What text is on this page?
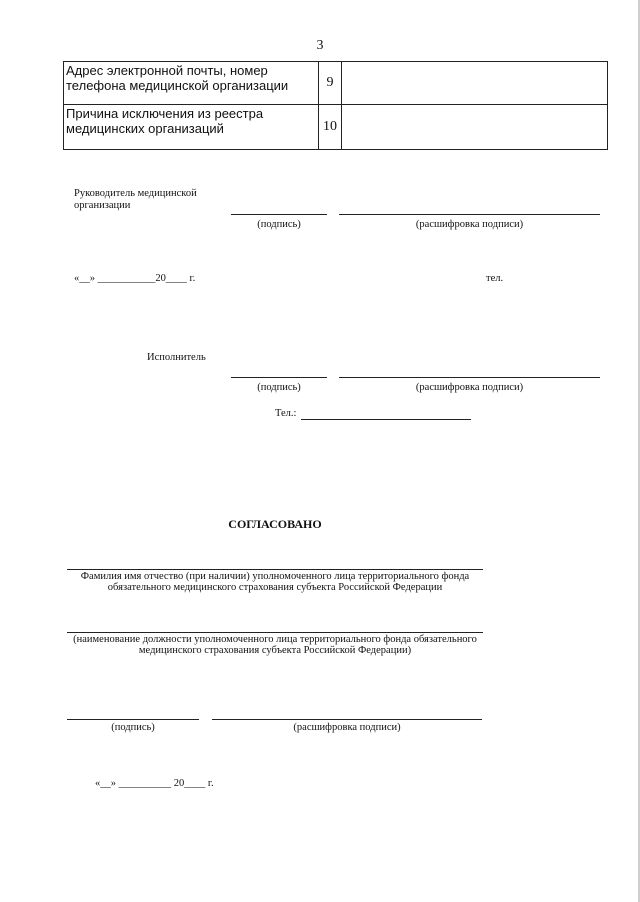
3
Адрес электронной почты, номер телефона медицинской организации	9	
Причина исключения из реестра медицинских организаций	10	
Руководитель медицинской организации
(подпись)	(расшифровка подписи)
«__» ___________20____ г.	тел.
Исполнитель
(подпись)	(расшифровка подписи)
Тел.:
СОГЛАСОВАНО
Фамилия имя отчество (при наличии) уполномоченного лица территориального фонда обязательного медицинского страхования субъекта Российской Федерации
(наименование должности уполномоченного лица территориального фонда обязательного медицинского страхования субъекта Российской Федерации)
(подпись)	(расшифровка подписи)
«__» __________ 20____ г.
